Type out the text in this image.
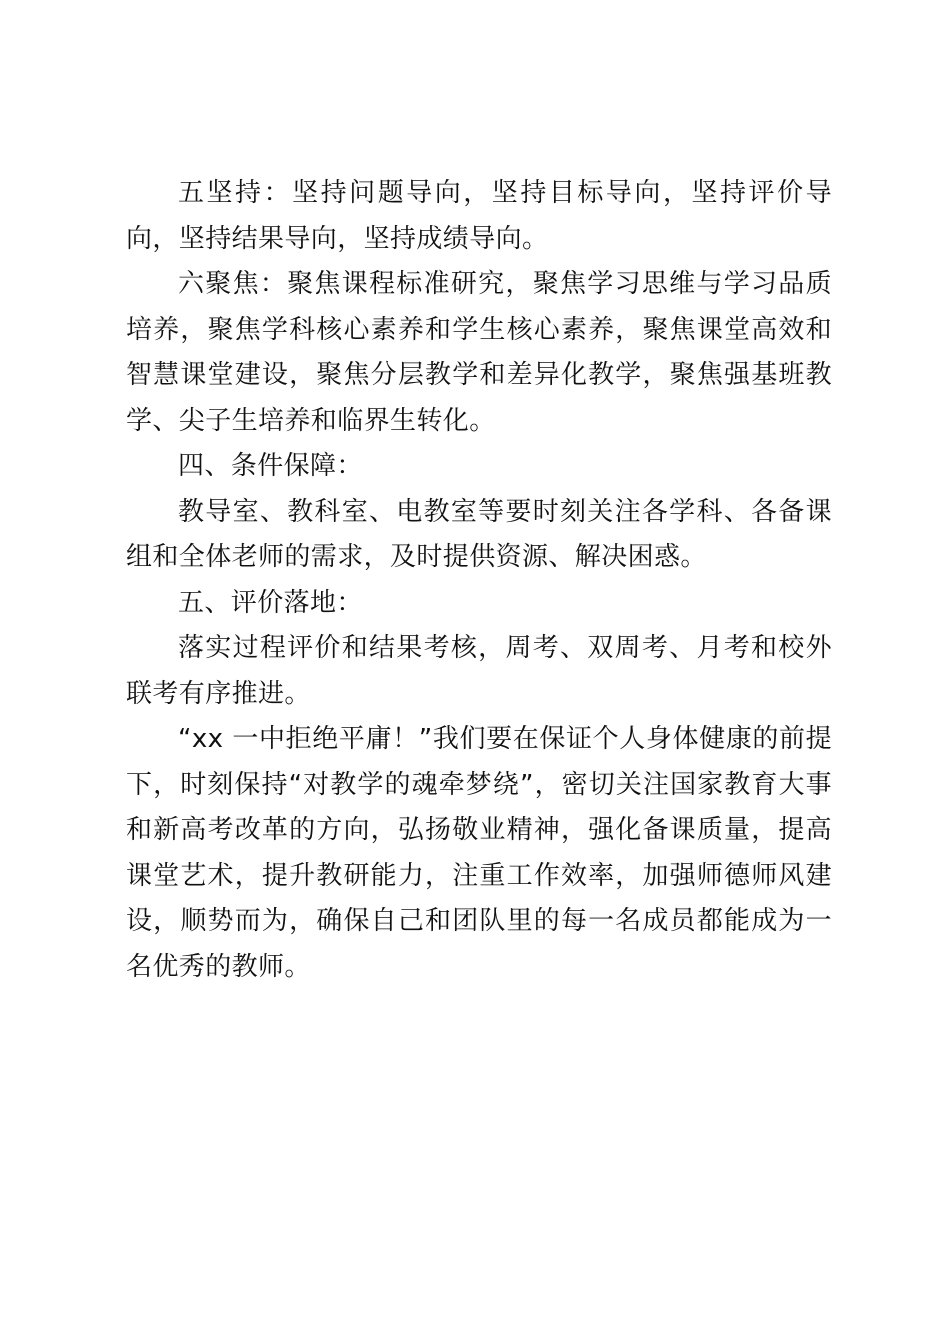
五坚持：坚持问题导向，坚持目标导向，坚持评价导向，坚持结果导向，坚持成绩导向。

六聚焦：聚焦课程标准研究，聚焦学习思维与学习品质培养，聚焦学科核心素养和学生核心素养，聚焦课堂高效和智慧课堂建设，聚焦分层教学和差异化教学，聚焦强基班教学、尖子生培养和临界生转化。

四、条件保障：

教导室、教科室、电教室等要时刻关注各学科、各备课组和全体老师的需求，及时提供资源、解决困惑。

五、评价落地：

落实过程评价和结果考核，周考、双周考、月考和校外联考有序推进。

“xx 一中拒绝平庸！”我们要在保证个人身体健康的前提下，时刻保持“对教学的魂牵梦绕”，密切关注国家教育大事和新高考改革的方向，弘扬敬业精神，强化备课质量，提高课堂艺术，提升教研能力，注重工作效率，加强师德师风建设，顺势而为，确保自己和团队里的每一名成员都能成为一名优秀的教师。
